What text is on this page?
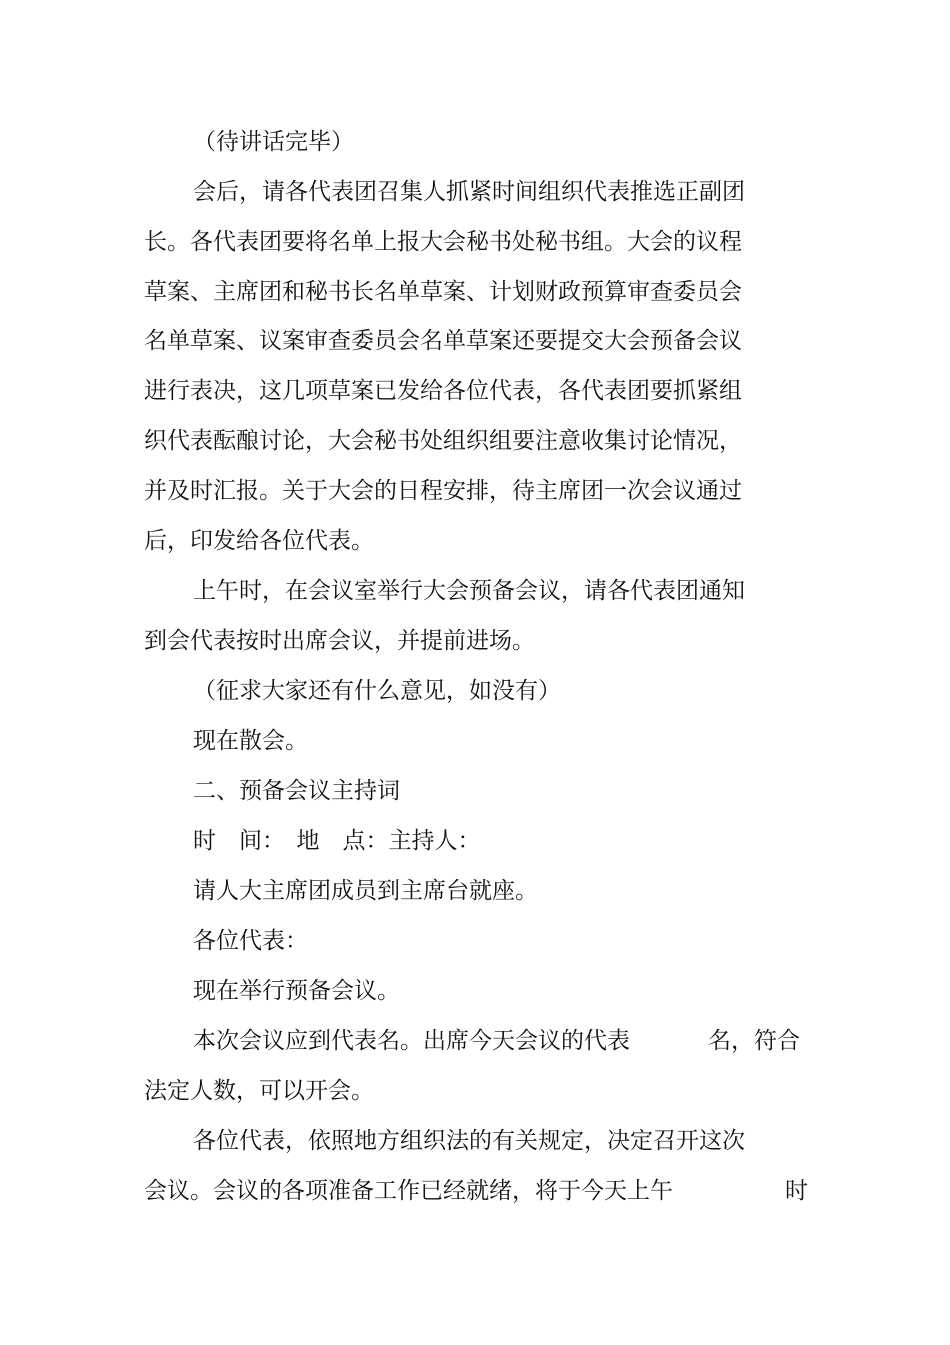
（待讲话完毕）

会后，请各代表团召集人抓紧时间组织代表推选正副团

长。各代表团要将名单上报大会秘书处秘书组。大会的议程

草案、主席团和秘书长名单草案、计划财政预算审查委员会

名单草案、议案审查委员会名单草案还要提交大会预备会议

进行表决，这几项草案已发给各位代表，各代表团要抓紧组

织代表酝酿讨论，大会秘书处组织组要注意收集讨论情况，

并及时汇报。关于大会的日程安排，待主席团一次会议通过

后，印发给各位代表。

上午时，在会议室举行大会预备会议，请各代表团通知

到会代表按时出席会议，并提前进场。

（征求大家还有什么意见，如没有）

现在散会。

二、预备会议主持词

时　间：　地　点：主持人：

请人大主席团成员到主席台就座。

各位代表：

现在举行预备会议。

本次会议应到代表名。出席今天会议的代表	名，符合

法定人数，可以开会。

各位代表，依照地方组织法的有关规定，决定召开这次

会议。会议的各项准备工作已经就绪，将于今天上午	时
